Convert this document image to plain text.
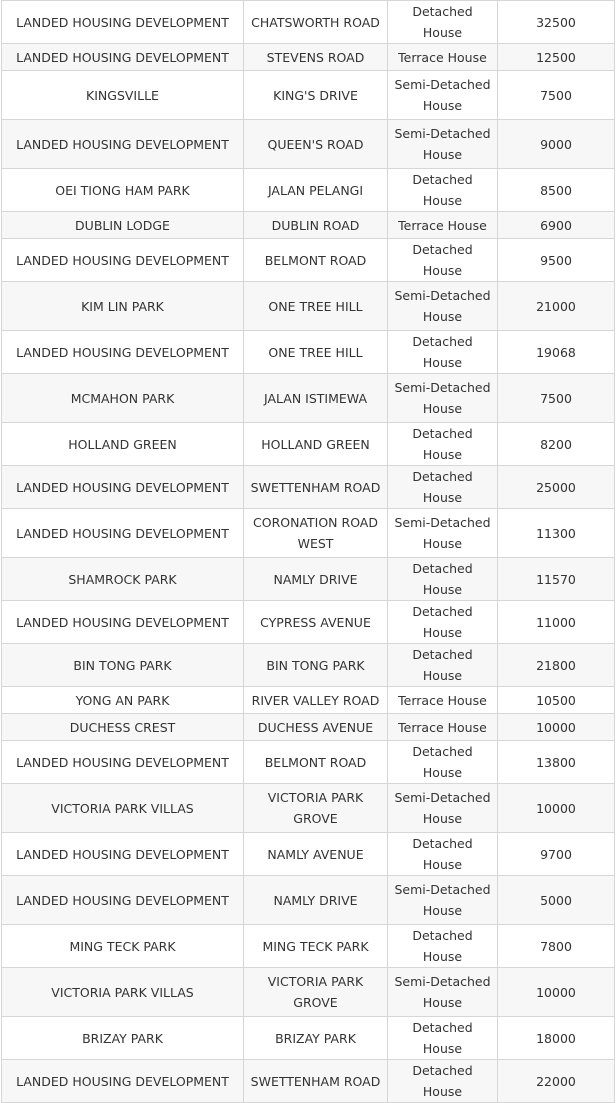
LANDED HOUSING DEVELOPMENT	CHATSWORTH ROAD	Detached House	32500
LANDED HOUSING DEVELOPMENT	STEVENS ROAD	Terrace House	12500
KINGSVILLE	KING'S DRIVE	Semi-Detached House	7500
LANDED HOUSING DEVELOPMENT	QUEEN'S ROAD	Semi-Detached House	9000
OEI TIONG HAM PARK	JALAN PELANGI	Detached House	8500
DUBLIN LODGE	DUBLIN ROAD	Terrace House	6900
LANDED HOUSING DEVELOPMENT	BELMONT ROAD	Detached House	9500
KIM LIN PARK	ONE TREE HILL	Semi-Detached House	21000
LANDED HOUSING DEVELOPMENT	ONE TREE HILL	Detached House	19068
MCMAHON PARK	JALAN ISTIMEWA	Semi-Detached House	7500
HOLLAND GREEN	HOLLAND GREEN	Detached House	8200
LANDED HOUSING DEVELOPMENT	SWETTENHAM ROAD	Detached House	25000
LANDED HOUSING DEVELOPMENT	CORONATION ROAD WEST	Semi-Detached House	11300
SHAMROCK PARK	NAMLY DRIVE	Detached House	11570
LANDED HOUSING DEVELOPMENT	CYPRESS AVENUE	Detached House	11000
BIN TONG PARK	BIN TONG PARK	Detached House	21800
YONG AN PARK	RIVER VALLEY ROAD	Terrace House	10500
DUCHESS CREST	DUCHESS AVENUE	Terrace House	10000
LANDED HOUSING DEVELOPMENT	BELMONT ROAD	Detached House	13800
VICTORIA PARK VILLAS	VICTORIA PARK GROVE	Semi-Detached House	10000
LANDED HOUSING DEVELOPMENT	NAMLY AVENUE	Detached House	9700
LANDED HOUSING DEVELOPMENT	NAMLY DRIVE	Semi-Detached House	5000
MING TECK PARK	MING TECK PARK	Detached House	7800
VICTORIA PARK VILLAS	VICTORIA PARK GROVE	Semi-Detached House	10000
BRIZAY PARK	BRIZAY PARK	Detached House	18000
LANDED HOUSING DEVELOPMENT	SWETTENHAM ROAD	Detached House	22000
